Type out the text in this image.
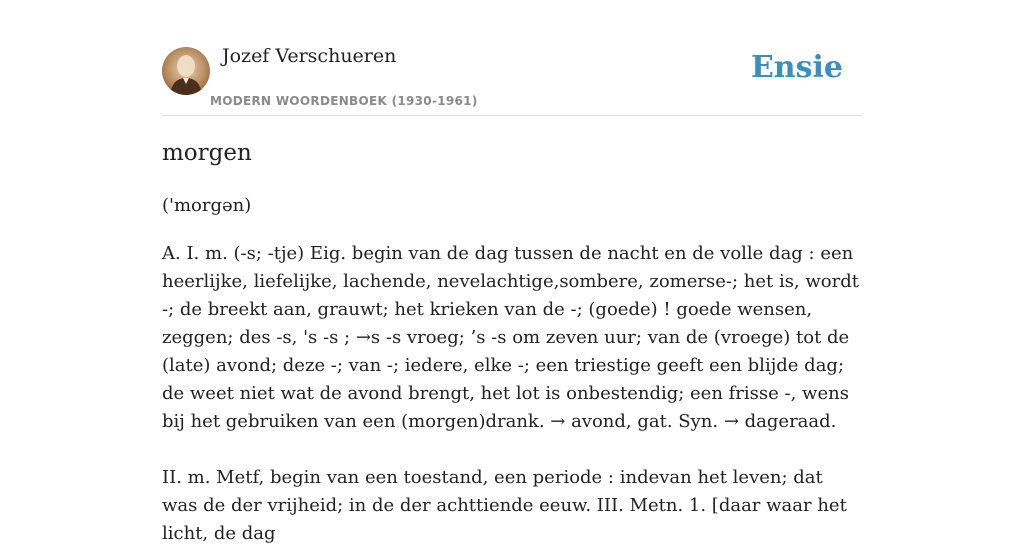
Jozef Verschueren
MODERN WOORDENBOEK (1930-1961)
Ensie
morgen
('morgən)

A. I. m. (-s; -tje) Eig. begin van de dag tussen de nacht en de volle dag : een heerlijke, liefelijke, lachende, nevelachtige,sombere, zomerse-; het is, wordt -; de breekt aan, grauwt; het krieken van de -; (goede) ! goede wensen, zeggen; des -s, 's -s ; →s -s vroeg; ’s -s om zeven uur; van de (vroege) tot de (late) avond; deze -; van -; iedere, elke -; een triestige geeft een blijde dag; de weet niet wat de avond brengt, het lot is onbestendig; een frisse -, wens bij het gebruiken van een (morgen)drank. → avond, gat. Syn. → dageraad.

II. m. Metf, begin van een toestand, een periode : indevan het leven; dat was de der vrijheid; in de der achttiende eeuw. III. Metn. 1. [daar waar het licht, de dag
